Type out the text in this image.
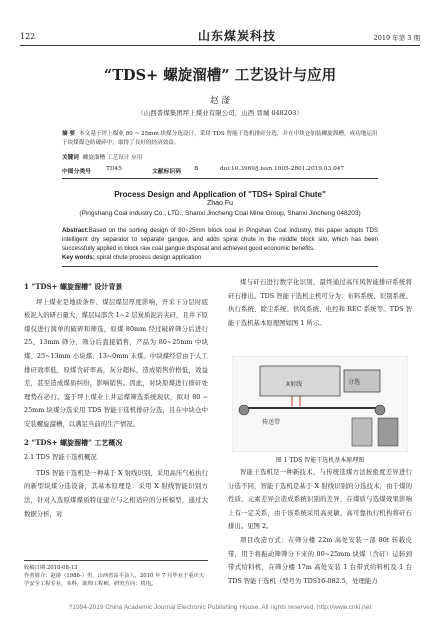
122	山东煤炭科技	2019 年第 3 期
“TDS+ 螺旋溜槽” 工艺设计与应用
赵 滏
（山西晋煤集团坪上煤业有限公司，山西 晋城 048203）
摘 要 本文基于坪上煤业 80 ~ 25mm 块煤分选设计，采用 TDS 智能干选机排矸分选，并在中块仓加装螺旋溜槽，成功地运用于块煤煤仓防破碎中，取得了良好的经济效益。
关键词 螺旋溜槽 工艺设计 应用
中图分类号	TD45	文献标识码 B	doi:10.3969/j.issn.1005-2801.2019.03.047
Process Design and Application of "TDS+ Spiral Chute"
Zhao Fu
(Pingshang Coal Industry Co., LTD., Shanxi Jincheng Coal Mine Group, Shanxi Jincheng 048203)
Abstract:Based on the sorting design of 80~25mm block coal in Pingshan Coal Industry, this paper adopts TDS intelligent dry separator to separate gangue, and adds spiral chute in the middle block silo, which has been successfully applied in block raw coal gangue disposal and achieved good economic benefits.
Key words: spiral chute process design application
1 “TDS+ 螺旋溜槽” 设计背景

坪上煤业是地质条件、煤层煤层厚度影响，开采下分层时底板泥入的研石量大，煤层局部含 1~2 层炭质泥岩夹矸，且井下原煤仅进行简单的破碎和筛选，原煤 80mm 经过破碎筛分后进行 25、13mm 筛分，筛分后直接销售，产品为 80~25mm 中块煤、25~13mm 小块煤、13~0mm 末煤。中块煤经常由于人工排矸效率低，原煤含矸率高，灰分超标，造成销售价格低，效益差，甚至造成煤质纠纷，影响销售。因此，对块原煤进行排矸处理势在必行。鉴于坪上煤业上井运煤筛选系统现状，拟对 80 ~ 25mm 块煤分选采用 TDS 智能干选机排矸分选，且在中块仓中安装螺旋溜槽，以满足当前的生产情况。

2 “TDS+ 螺旋溜槽” 工艺概况
2.1 TDS 智能干选机概况

TDS 智能干选机是一种基于 X 射线识别，采用高压气枪执行的新型块煤分选设备，其基本原理是：采用 X 射线智能识别方法，针对入选原煤煤质特征建立与之相适应的分析模型，通过大数据分析，对

收稿日期 2018-08-13
作者简介：赵滏（1986-）男，山西省高平县人，2010 年 7 月毕业于重庆大学安全工程专业，本科，助理工程师，研究方向：机电。

煤与矸石进行数字化识别，最终通过高压风智能排矸系统将矸石排出。TDS 智能干选机主机可分为：布料系统、识别系统、执行系统、除尘系统、供风系统、电控和 REC 系统等。TDS 智能干选机基本原理图如图 1 所示。

传送带
X射线	分选
图 1 TDS 智能干选机基本原理图

智能干选机是一种新技术，与传统选煤方法按密度差异进行分选不同，智能干选机是基于 X 射线识别的分选技术，由于煤的性质、元素差异会造成系统识别的差异，在煤质与选煤效果影响上有一定关系，由于该系统采用高灵敏、高可靠执行机构将矸石排出。见图 2。

项目改造方式：在筛分楼 22m 高处安装一部 80t 转载皮带，用于将振动筛筛分下来的 80~25mm 块煤（含矸）运转到带式给料机，在筛分楼 17m 高处安装 1 台带式给料机及 1 台 TDS 智能干选机（型号为 TDS16-082.5，处理能力

?1994-2019 China Academic Journal Electronic Publishing House. All rights reserved. http://www.cnki.net
